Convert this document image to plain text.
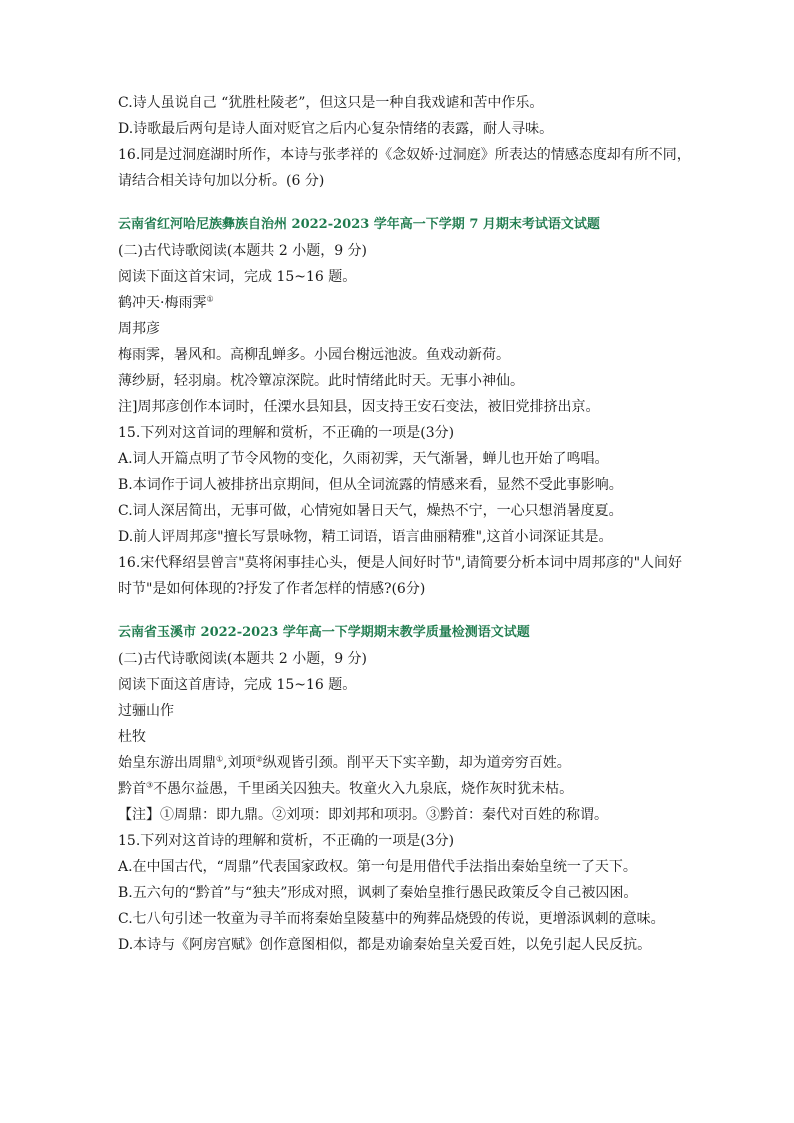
C.诗人虽说自己 “犹胜杜陵老”，但这只是一种自我戏谑和苦中作乐。

D.诗歌最后两句是诗人面对贬官之后内心复杂情绪的表露，耐人寻味。

16.同是过洞庭湖时所作，本诗与张孝祥的《念奴娇·过洞庭》所表达的情感态度却有所不同，请结合相关诗句加以分析。(6 分)

云南省红河哈尼族彝族自治州 2022-2023 学年高一下学期 7 月期末考试语文试题

(二)古代诗歌阅读(本题共 2 小题，9 分)

阅读下面这首宋词，完成 15~16 题。

鹤冲天·梅雨霁①

周邦彦

梅雨霁，暑风和。高柳乱蝉多。小园台榭远池波。鱼戏动新荷。

薄纱厨，轻羽扇。枕冷簟凉深院。此时情绪此时天。无事小神仙。

注]周邦彦创作本词时，任溧水县知县，因支持王安石变法，被旧党排挤出京。

15.下列对这首词的理解和赏析，不正确的一项是(3分)

A.词人开篇点明了节令风物的变化，久雨初霁，天气渐暑，蝉儿也开始了鸣唱。

B.本词作于词人被排挤出京期间，但从全词流露的情感来看，显然不受此事影响。

C.词人深居简出，无事可做，心情宛如暑日天气，燥热不宁，一心只想消暑度夏。

D.前人评周邦彦"擅长写景咏物，精工词语，语言曲丽精雅",这首小词深证其是。

16.宋代释绍昙曾言"莫将闲事挂心头，便是人间好时节",请简要分析本词中周邦彦的"人间好

时节"是如何体现的?抒发了作者怎样的情感?(6分)

云南省玉溪市 2022-2023 学年高一下学期期末教学质量检测语文试题

(二)古代诗歌阅读(本题共 2 小题，9 分)

阅读下面这首唐诗，完成 15~16 题。

过骊山作

杜牧

始皇东游出周鼎①,刘项②纵观皆引颈。削平天下实辛勤，却为道旁穷百姓。

黔首③不愚尔益愚，千里函关囚独夫。牧童火入九泉底，烧作灰时犹未枯。

【注】①周鼎：即九鼎。②刘项：即刘邦和项羽。③黔首：秦代对百姓的称谓。

15.下列对这首诗的理解和赏析，不正确的一项是(3分)

A.在中国古代，“周鼎”代表国家政权。第一句是用借代手法指出秦始皇统一了天下。

B.五六句的“黔首”与“独夫”形成对照，讽刺了秦始皇推行愚民政策反令自己被囚困。

C.七八句引述一牧童为寻羊而将秦始皇陵墓中的殉葬品烧毁的传说，更增添讽刺的意味。

D.本诗与《阿房宫赋》创作意图相似，都是劝谕秦始皇关爱百姓，以免引起人民反抗。
